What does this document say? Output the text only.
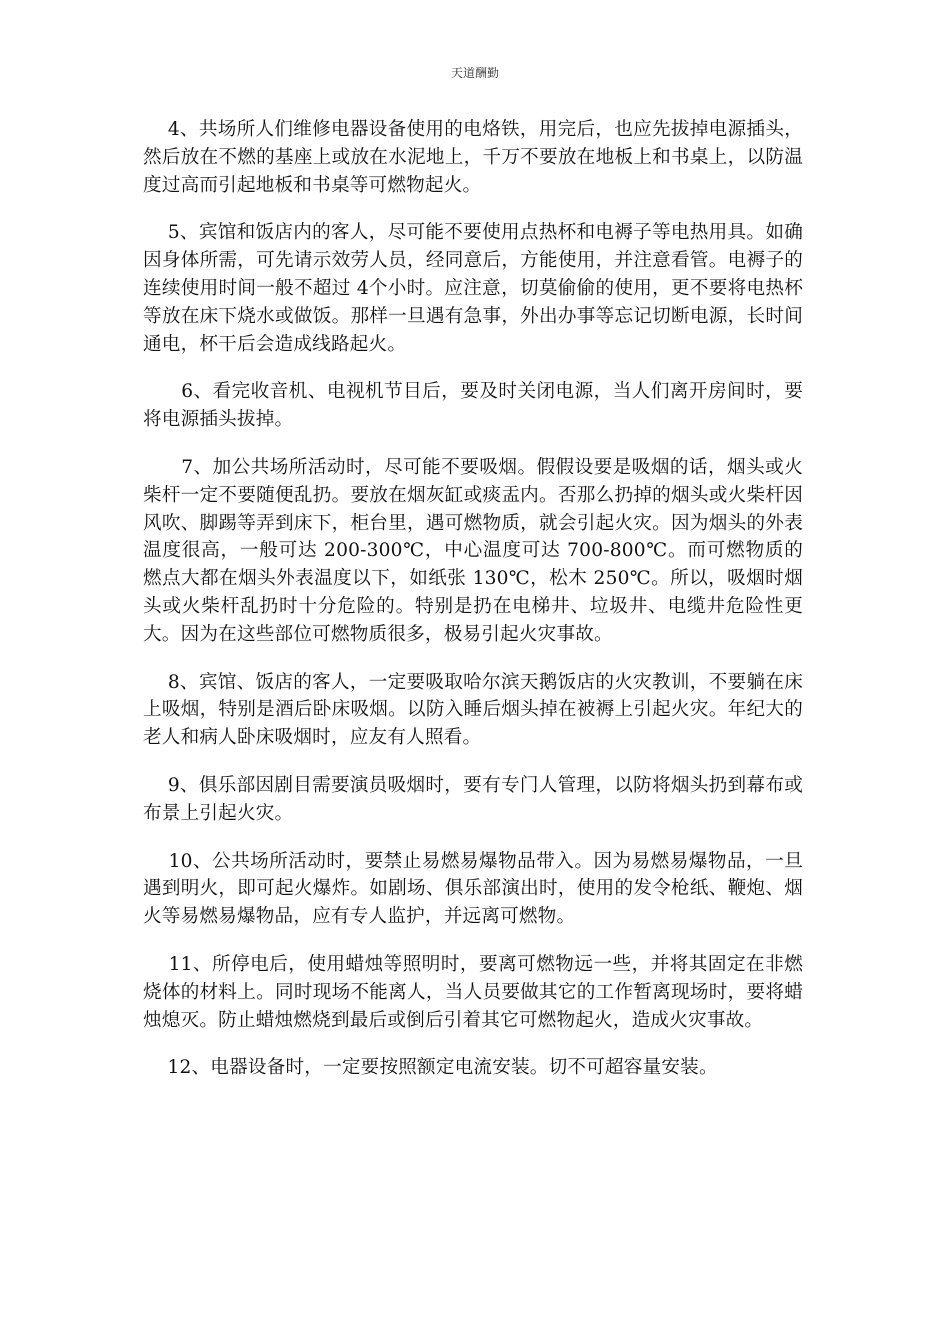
天道酬勤

4、共场所人们维修电器设备使用的电烙铁，用完后，也应先拔掉电源插头，然后放在不燃的基座上或放在水泥地上，千万不要放在地板上和书桌上，以防温度过高而引起地板和书桌等可燃物起火。

5、宾馆和饭店内的客人，尽可能不要使用点热杯和电褥子等电热用具。如确因身体所需，可先请示效劳人员，经同意后，方能使用，并注意看管。电褥子的连续使用时间一般不超过 4个小时。应注意，切莫偷偷的使用，更不要将电热杯等放在床下烧水或做饭。那样一旦遇有急事，外出办事等忘记切断电源，长时间通电，杯干后会造成线路起火。

6、看完收音机、电视机节目后，要及时关闭电源，当人们离开房间时，要将电源插头拔掉。

7、加公共场所活动时，尽可能不要吸烟。假假设要是吸烟的话，烟头或火柴杆一定不要随便乱扔。要放在烟灰缸或痰盂内。否那么扔掉的烟头或火柴杆因风吹、脚踢等弄到床下，柜台里，遇可燃物质，就会引起火灾。因为烟头的外表温度很高，一般可达 200-300℃，中心温度可达 700-800℃。而可燃物质的燃点大都在烟头外表温度以下，如纸张 130℃，松木 250℃。所以，吸烟时烟头或火柴杆乱扔时十分危险的。特别是扔在电梯井、垃圾井、电缆井危险性更大。因为在这些部位可燃物质很多，极易引起火灾事故。

8、宾馆、饭店的客人，一定要吸取哈尔滨天鹅饭店的火灾教训，不要躺在床上吸烟，特别是酒后卧床吸烟。以防入睡后烟头掉在被褥上引起火灾。年纪大的老人和病人卧床吸烟时，应友有人照看。

9、俱乐部因剧目需要演员吸烟时，要有专门人管理，以防将烟头扔到幕布或布景上引起火灾。

10、公共场所活动时，要禁止易燃易爆物品带入。因为易燃易爆物品，一旦遇到明火，即可起火爆炸。如剧场、俱乐部演出时，使用的发令枪纸、鞭炮、烟火等易燃易爆物品，应有专人监护，并远离可燃物。

11、所停电后，使用蜡烛等照明时，要离可燃物远一些，并将其固定在非燃烧体的材料上。同时现场不能离人，当人员要做其它的工作暂离现场时，要将蜡烛熄灭。防止蜡烛燃烧到最后或倒后引着其它可燃物起火，造成火灾事故。

12、电器设备时，一定要按照额定电流安装。切不可超容量安装。
